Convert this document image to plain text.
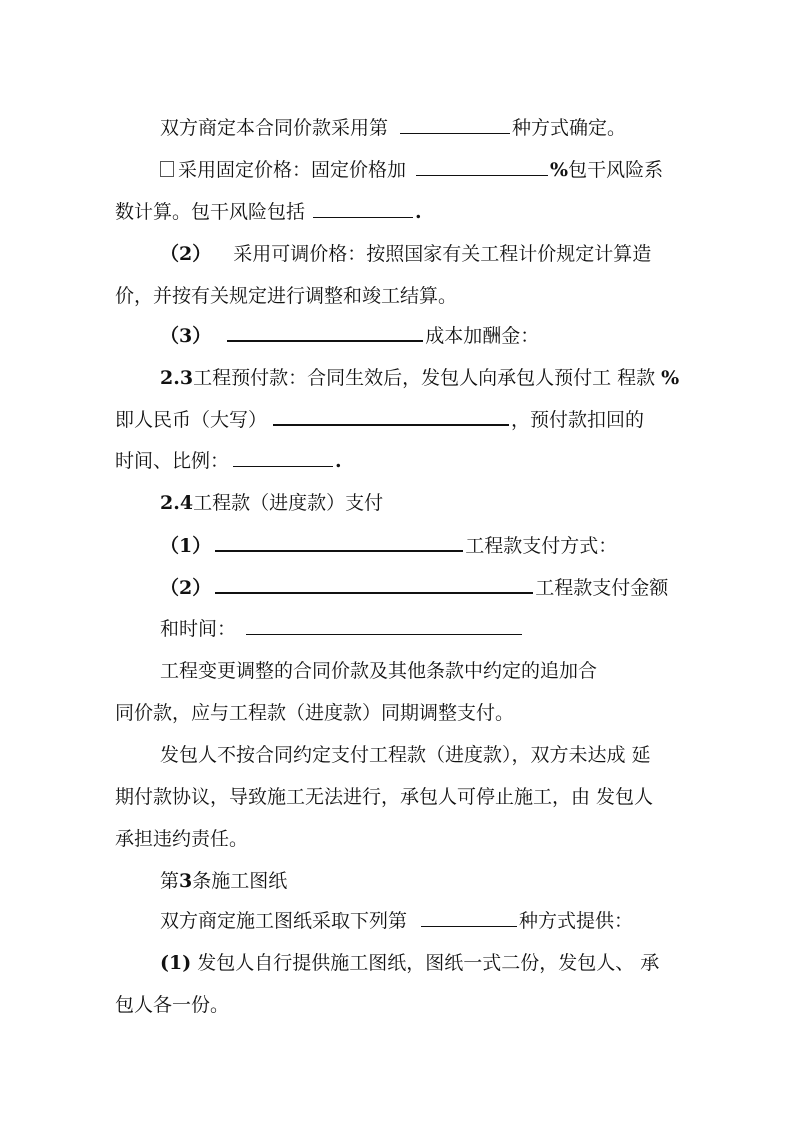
双方商定本合同价款采用第	种方式确定。
采用固定价格：固定价格加	%包干风险系
数计算。包干风险包括	.
（2） 采用可调价格：按照国家有关工程计价规定计算造
价，并按有关规定进行调整和竣工结算。
（3）	成本加酬金：
2.3工程预付款：合同生效后，发包人向承包人预付工 程款 %
即人民币（大写）	，预付款扣回的
时间、比例：	.
2.4工程款（进度款）支付
（1）	工程款支付方式：
（2）	工程款支付金额
和时间：
工程变更调整的合同价款及其他条款中约定的追加合
同价款，应与工程款（进度款）同期调整支付。
发包人不按合同约定支付工程款（进度款），双方未达成 延
期付款协议，导致施工无法进行，承包人可停止施工，由 发包人
承担违约责任。
第3条施工图纸
双方商定施工图纸采取下列第	种方式提供：
(1) 发包人自行提供施工图纸，图纸一式二份，发包人、 承
包人各一份。
